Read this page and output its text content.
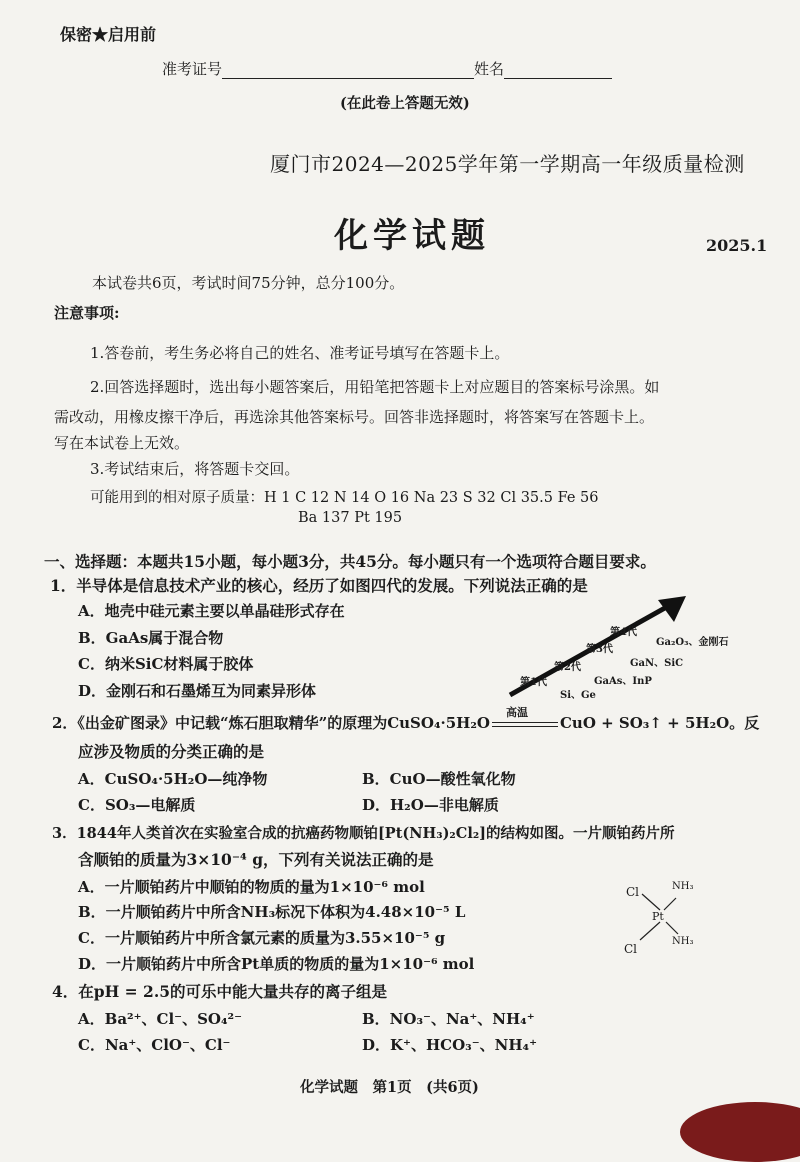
保密★启用前
准考证号	姓名
(在此卷上答题无效)
厦门市2024—2025学年第一学期高一年级质量检测
化学试题	2025.1
本试卷共6页，考试时间75分钟，总分100分。
注意事项:
1.答卷前，考生务必将自己的姓名、准考证号填写在答题卡上。
2.回答选择题时，选出每小题答案后，用铅笔把答题卡上对应题目的答案标号涂黑。如
需改动，用橡皮擦干净后，再选涂其他答案标号。回答非选择题时，将答案写在答题卡上。
写在本试卷上无效。
3.考试结束后，将答题卡交回。
可能用到的相对原子质量：H 1 C 12 N 14 O 16 Na 23 S 32 Cl 35.5 Fe 56
Ba 137 Pt 195
一、选择题：本题共15小题，每小题3分，共45分。每小题只有一个选项符合题目要求。
1．半导体是信息技术产业的核心，经历了如图四代的发展。下列说法正确的是
A．地壳中硅元素主要以单晶硅形式存在
B．GaAs属于混合物
C．纳米SiC材料属于胶体
D．金刚石和石墨烯互为同素异形体
第4代
Ga₂O₃、金刚石
第3代
GaN、SiC
第2代
GaAs、InP
第1代
Si、Ge
2．《出金矿图录》中记载“炼石胆取精华”的原理为CuSO₄·5H₂O
高温
CuO + SO₃↑ + 5H₂O。反
应涉及物质的分类正确的是
A．CuSO₄·5H₂O—纯净物	B．CuO—酸性氧化物
C．SO₃—电解质	D．H₂O—非电解质
3．1844年人类首次在实验室合成的抗癌药物顺铂[Pt(NH₃)₂Cl₂]的结构如图。一片顺铂药片所
含顺铂的质量为3×10⁻⁴ g，下列有关说法正确的是
A．一片顺铂药片中顺铂的物质的量为1×10⁻⁶ mol
B．一片顺铂药片中所含NH₃标况下体积为4.48×10⁻⁵ L
C．一片顺铂药片中所含氯元素的质量为3.55×10⁻⁵ g
D．一片顺铂药片中所含Pt单质的物质的量为1×10⁻⁶ mol
Cl	NH₃
Pt
Cl
NH₃
4．在pH = 2.5的可乐中能大量共存的离子组是
A．Ba²⁺、Cl⁻、SO₄²⁻	B．NO₃⁻、Na⁺、NH₄⁺
C．Na⁺、ClO⁻、Cl⁻	D．K⁺、HCO₃⁻、NH₄⁺
化学试题　第1页　(共6页)
